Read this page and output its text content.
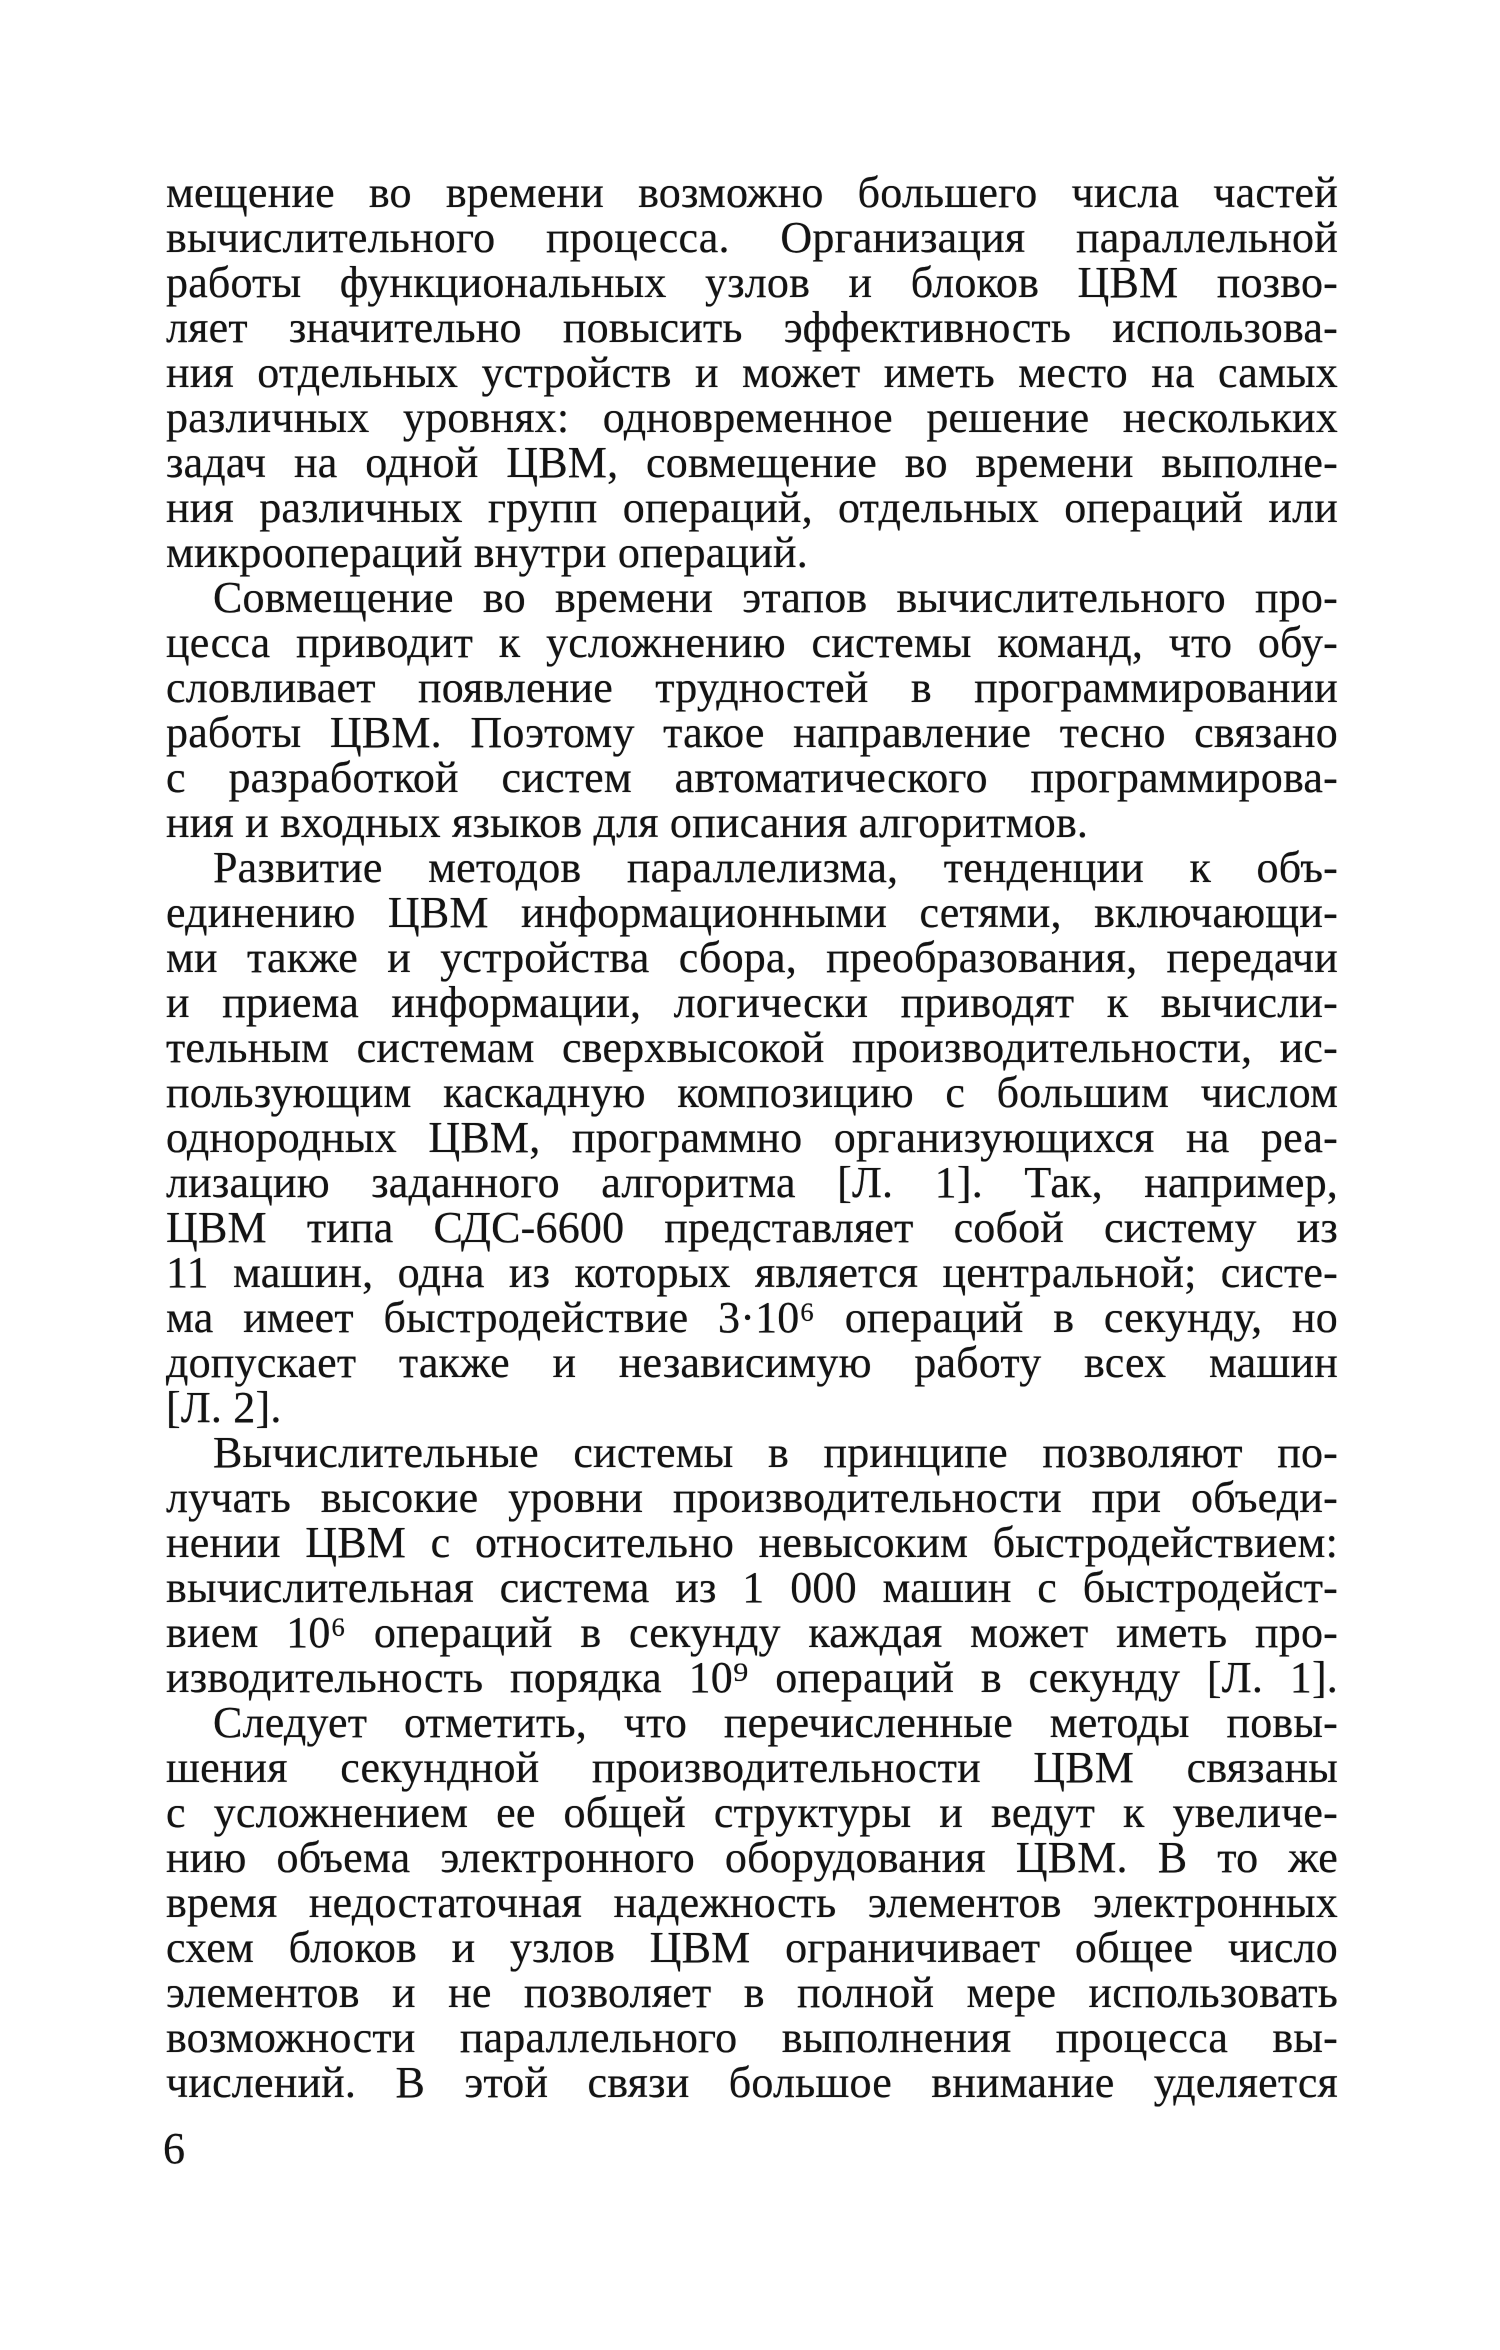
мещение во времени возможно большего числа частей
вычислительного процесса. Организация параллельной
работы функциональных узлов и блоков ЦВМ позво-
ляет значительно повысить эффективность использова-
ния отдельных устройств и может иметь место на самых
различных уровнях: одновременное решение нескольких
задач на одной ЦВМ, совмещение во времени выполне-
ния различных групп операций, отдельных операций или
микроопераций внутри операций.
Совмещение во времени этапов вычислительного про-
цесса приводит к усложнению системы команд, что обу-
словливает появление трудностей в программировании
работы ЦВМ. Поэтому такое направление тесно связано
с разработкой систем автоматического программирова-
ния и входных языков для описания алгоритмов.
Развитие методов параллелизма, тенденции к объ-
единению ЦВМ информационными сетями, включающи-
ми также и устройства сбора, преобразования, передачи
и приема информации, логически приводят к вычисли-
тельным системам сверхвысокой производительности, ис-
пользующим каскадную композицию с большим числом
однородных ЦВМ, программно организующихся на реа-
лизацию заданного алгоритма [Л. 1]. Так, например,
ЦВМ типа СДС-6600 представляет собой систему из
11 машин, одна из которых является центральной; систе-
ма имеет быстродействие 3·10⁶ операций в секунду, но
допускает также и независимую работу всех машин
[Л. 2].
Вычислительные системы в принципе позволяют по-
лучать высокие уровни производительности при объеди-
нении ЦВМ с относительно невысоким быстродействием:
вычислительная система из 1 000 машин с быстродейст-
вием 10⁶ операций в секунду каждая может иметь про-
изводительность порядка 10⁹ операций в секунду [Л. 1].
Следует отметить, что перечисленные методы повы-
шения секундной производительности ЦВМ связаны
с усложнением ее общей структуры и ведут к увеличе-
нию объема электронного оборудования ЦВМ. В то же
время недостаточная надежность элементов электронных
схем блоков и узлов ЦВМ ограничивает общее число
элементов и не позволяет в полной мере использовать
возможности параллельного выполнения процесса вы-
числений. В этой связи большое внимание уделяется
6
